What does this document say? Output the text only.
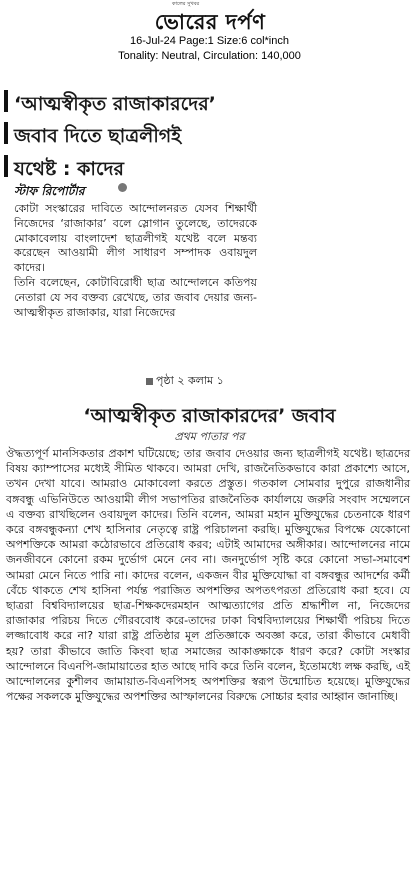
কালের সুখবর
ভোরের দর্পণ
16-Jul-24 Page:1 Size:6 col*inch
Tonality: Neutral, Circulation: 140,000
‘আত্মস্বীকৃত রাজাকারদের’
জবাব দিতে ছাত্রলীগই
যথেষ্ট : কাদের
স্টাফ রিপোর্টার

কোটা সংস্কারের দাবিতে আন্দোলনরত যেসব শিক্ষার্থী নিজেদের ‘রাজাকার’ বলে স্লোগান তুলেছে, তাদেরকে মোকাবেলায় বাংলাদেশ ছাত্রলীগই যথেষ্ট বলে মন্তব্য করেছেন আওয়ামী লীগ সাধারণ সম্পাদক ওবায়দুল কাদের।

তিনি বলেছেন, কোটাবিরোধী ছাত্র আন্দোলনে কতিপয় নেতারা যে সব বক্তব্য রেখেছে, তার জবাব দেয়ার জন্য- আত্মস্বীকৃত রাজাকার, যারা নিজেদের

পৃষ্ঠা ২ কলাম ১
‘আত্মস্বীকৃত রাজাকারদের’ জবাব
প্রথম পাতার পর

ঔদ্ধত্যপূর্ণ মানসিকতার প্রকাশ ঘটিয়েছে; তার জবাব দেওয়ার জন্য ছাত্রলীগই যথেষ্ট। ছাত্রদের বিষয় ক্যাম্পাসের মধ্যেই সীমিত থাকবে। আমরা দেখি, রাজনৈতিকভাবে কারা প্রকাশ্যে আসে, তখন দেখা যাবে। আমরাও মোকাবেলা করতে প্রস্তুত। গতকাল সোমবার দুপুরে রাজধানীর বঙ্গবন্ধু এভিনিউতে আওয়ামী লীগ সভাপতির রাজনৈতিক কার্যালয়ে জরুরি সংবাদ সম্মেলনে এ বক্তব্য রাখছিলেন ওবায়দুল কাদের। তিনি বলেন, আমরা মহান মুক্তিযুদ্ধের চেতনাকে ধারণ করে বঙ্গবন্ধুকন্যা শেখ হাসিনার নেতৃত্বে রাষ্ট্র পরিচালনা করছি। মুক্তিযুদ্ধের বিপক্ষে যেকোনো অপশক্তিকে আমরা কঠোরভাবে প্রতিরোধ করব; এটাই আমাদের অঙ্গীকার। আন্দোলনের নামে জনজীবনে কোনো রকম দুর্ভোগ মেনে নেব না। জনদুর্ভোগ সৃষ্টি করে কোনো সভা-সমাবেশ আমরা মেনে নিতে পারি না। কাদের বলেন, একজন বীর মুক্তিযোদ্ধা বা বঙ্গবন্ধুর আদর্শের কর্মী বেঁচে থাকতে শেখ হাসিনা পর্যন্ত পরাজিত অপশক্তির অপতৎপরতা প্রতিরোধ করা হবে। যে ছাত্ররা বিশ্ববিদ্যালয়ের ছাত্র-শিক্ষকদেরমহান আত্মত্যাগের প্রতি শ্রদ্ধাশীল না, নিজেদের রাজাকার পরিচয় দিতে গৌরববোধ করে-তাদের ঢাকা বিশ্ববিদ্যালয়ের শিক্ষার্থী পরিচয় দিতে লজ্জাবোধ করে না? যারা রাষ্ট্র প্রতিষ্ঠার মূল প্রতিজ্ঞাকে অবজ্ঞা করে, তারা কীভাবে মেধাবী হয়? তারা কীভাবে জাতি কিংবা ছাত্র সমাজের আকাঙ্ক্ষাকে ধারণ করে? কোটা সংস্কার আন্দোলনে বিএনপি-জামায়াতের হাত আছে দাবি করে তিনি বলেন, ইতোমধ্যে লক্ষ করছি, এই আন্দোলনের কুশীলব জামায়াত-বিএনপিসহ অপশক্তির স্বরূপ উন্মোচিত হয়েছে। মুক্তিযুদ্ধের পক্ষের সকলকে মুক্তিযুদ্ধের অপশক্তির আস্ফালনের বিরুদ্ধে সোচ্চার হবার আহ্বান জানাচ্ছি।
